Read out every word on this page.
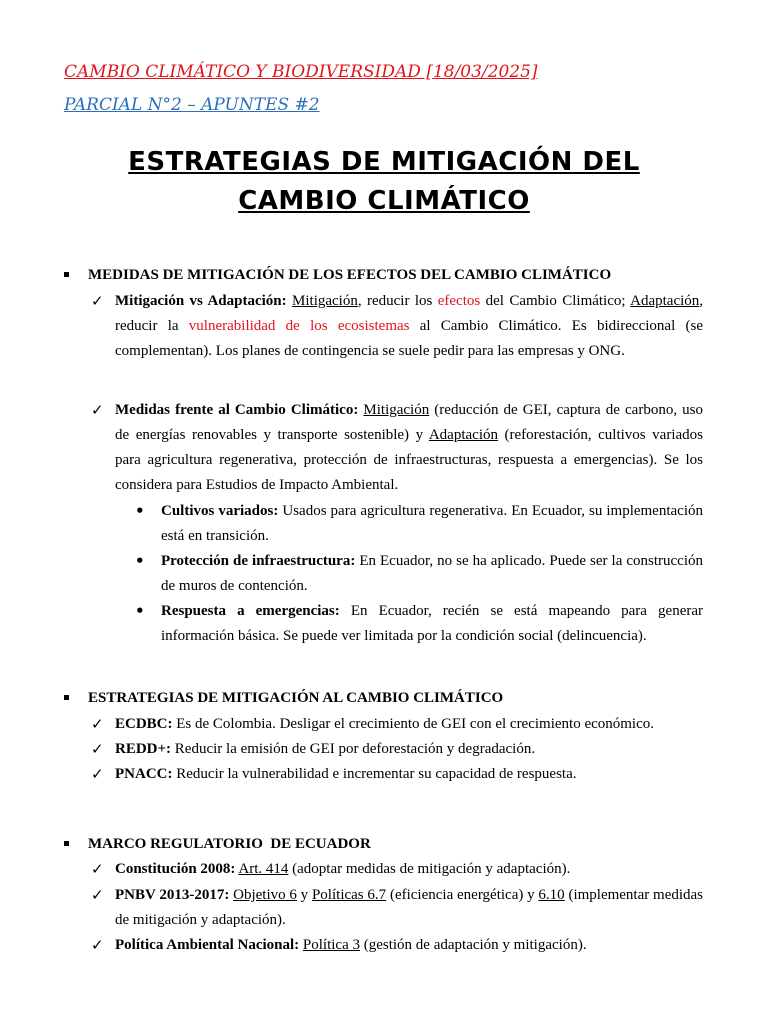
CAMBIO CLIMÁTICO Y BIODIVERSIDAD [18/03/2025]
PARCIAL N°2 – APUNTES #2
ESTRATEGIAS DE MITIGACIÓN DEL
CAMBIO CLIMÁTICO
MEDIDAS DE MITIGACIÓN DE LOS EFECTOS DEL CAMBIO CLIMÁTICO
✓ Mitigación vs Adaptación: Mitigación, reducir los efectos del Cambio Climático; Adaptación, reducir la vulnerabilidad de los ecosistemas al Cambio Climático. Es bidireccional (se complementan). Los planes de contingencia se suele pedir para las empresas y ONG.
✓ Medidas frente al Cambio Climático: Mitigación (reducción de GEI, captura de carbono, uso de energías renovables y transporte sostenible) y Adaptación (reforestación, cultivos variados para agricultura regenerativa, protección de infraestructuras, respuesta a emergencias). Se los considera para Estudios de Impacto Ambiental.
• Cultivos variados: Usados para agricultura regenerativa. En Ecuador, su implementación está en transición.
• Protección de infraestructura: En Ecuador, no se ha aplicado. Puede ser la construcción de muros de contención.
• Respuesta a emergencias: En Ecuador, recién se está mapeando para generar información básica. Se puede ver limitada por la condición social (delincuencia).
ESTRATEGIAS DE MITIGACIÓN AL CAMBIO CLIMÁTICO
✓ ECDBC: Es de Colombia. Desligar el crecimiento de GEI con el crecimiento económico.
✓ REDD+: Reducir la emisión de GEI por deforestación y degradación.
✓ PNACC: Reducir la vulnerabilidad e incrementar su capacidad de respuesta.
MARCO REGULATORIO  DE ECUADOR
✓ Constitución 2008: Art. 414 (adoptar medidas de mitigación y adaptación).
✓ PNBV 2013-2017: Objetivo 6 y Políticas 6.7 (eficiencia energética) y 6.10 (implementar medidas de mitigación y adaptación).
✓ Política Ambiental Nacional: Política 3 (gestión de adaptación y mitigación).
